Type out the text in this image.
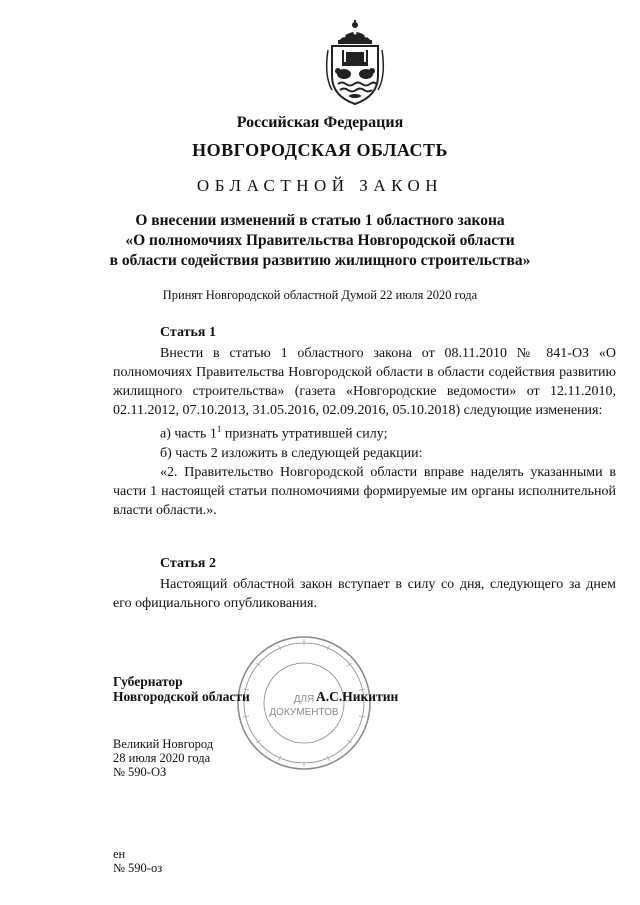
Российская Федерация
НОВГОРОДСКАЯ ОБЛАСТЬ
ОБЛАСТНОЙ ЗАКОН
О внесении изменений в статью 1 областного закона
«О полномочиях Правительства Новгородской области
в области содействия развитию жилищного строительства»
Принят Новгородской областной Думой 22 июля 2020 года
Статья 1

Внести в статью 1 областного закона от 08.11.2010 № 841-ОЗ «О полномочиях Правительства Новгородской области в области содействия развитию жилищного строительства» (газета «Новгородские ведомости» от 12.11.2010, 02.11.2012, 07.10.2013, 31.05.2016, 02.09.2016, 05.10.2018) следующие изменения:

а) часть $1^1$ признать утратившей силу;

б) часть 2 изложить в следующей редакции:

«2. Правительство Новгородской области вправе наделять указанными в части 1 настоящей статьи полномочиями формируемые им органы исполнительной власти области.».

Статья 2

Настоящий областной закон вступает в силу со дня, следующего за днем его официального опубликования.

ДЛЯ
ДОКУМЕНТОВ
Губернатор
Новгородской области	А.С.Никитин
Великий Новгород
28 июля 2020 года
№ 590-ОЗ
ен
№ 590-оз
